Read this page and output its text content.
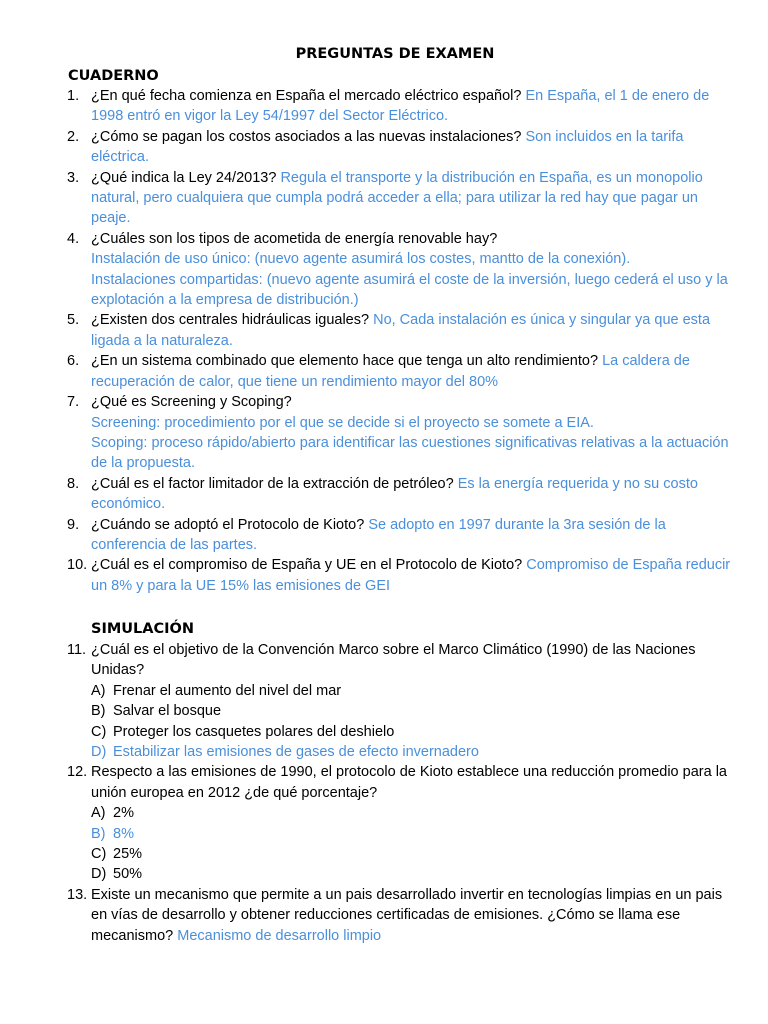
PREGUNTAS DE EXAMEN
CUADERNO
1. ¿En qué fecha comienza en España el mercado eléctrico español? En España, el 1 de enero de 1998 entró en vigor la Ley 54/1997 del Sector Eléctrico.
2. ¿Cómo se pagan los costos asociados a las nuevas instalaciones? Son incluidos en la tarifa eléctrica.
3. ¿Qué indica la Ley 24/2013? Regula el transporte y la distribución en España, es un monopolio natural, pero cualquiera que cumpla podrá acceder a ella; para utilizar la red hay que pagar un peaje.
4. ¿Cuáles son los tipos de acometida de energía renovable hay?
Instalación de uso único: (nuevo agente asumirá los costes, mantto de la conexión).
Instalaciones compartidas: (nuevo agente asumirá el coste de la inversión, luego cederá el uso y la explotación a la empresa de distribución.)
5. ¿Existen dos centrales hidráulicas iguales? No, Cada instalación es única y singular ya que esta ligada a la naturaleza.
6. ¿En un sistema combinado que elemento hace que tenga un alto rendimiento? La caldera de recuperación de calor, que tiene un rendimiento mayor del 80%
7. ¿Qué es Screening y Scoping?
Screening: procedimiento por el que se decide si el proyecto se somete a EIA.
Scoping: proceso rápido/abierto para identificar las cuestiones significativas relativas a la actuación de la propuesta.
8. ¿Cuál es el factor limitador de la extracción de petróleo? Es la energía requerida y no su costo económico.
9. ¿Cuándo se adoptó el Protocolo de Kioto? Se adopto en 1997 durante la 3ra sesión de la conferencia de las partes.
10. ¿Cuál es el compromiso de España y UE en el Protocolo de Kioto? Compromiso de España reducir un 8% y para la UE 15% las emisiones de GEI
SIMULACIÓN
11. ¿Cuál es el objetivo de la Convención Marco sobre el Marco Climático (1990) de las Naciones Unidas?
A) Frenar el aumento del nivel del mar
B) Salvar el bosque
C) Proteger los casquetes polares del deshielo
D) Estabilizar las emisiones de gases de efecto invernadero
12. Respecto a las emisiones de 1990, el protocolo de Kioto establece una reducción promedio para la unión europea en 2012 ¿de qué porcentaje?
A) 2%
B) 8%
C) 25%
D) 50%
13. Existe un mecanismo que permite a un pais desarrollado invertir en tecnologías limpias en un pais en vías de desarrollo y obtener reducciones certificadas de emisiones. ¿Cómo se llama ese mecanismo? Mecanismo de desarrollo limpio
